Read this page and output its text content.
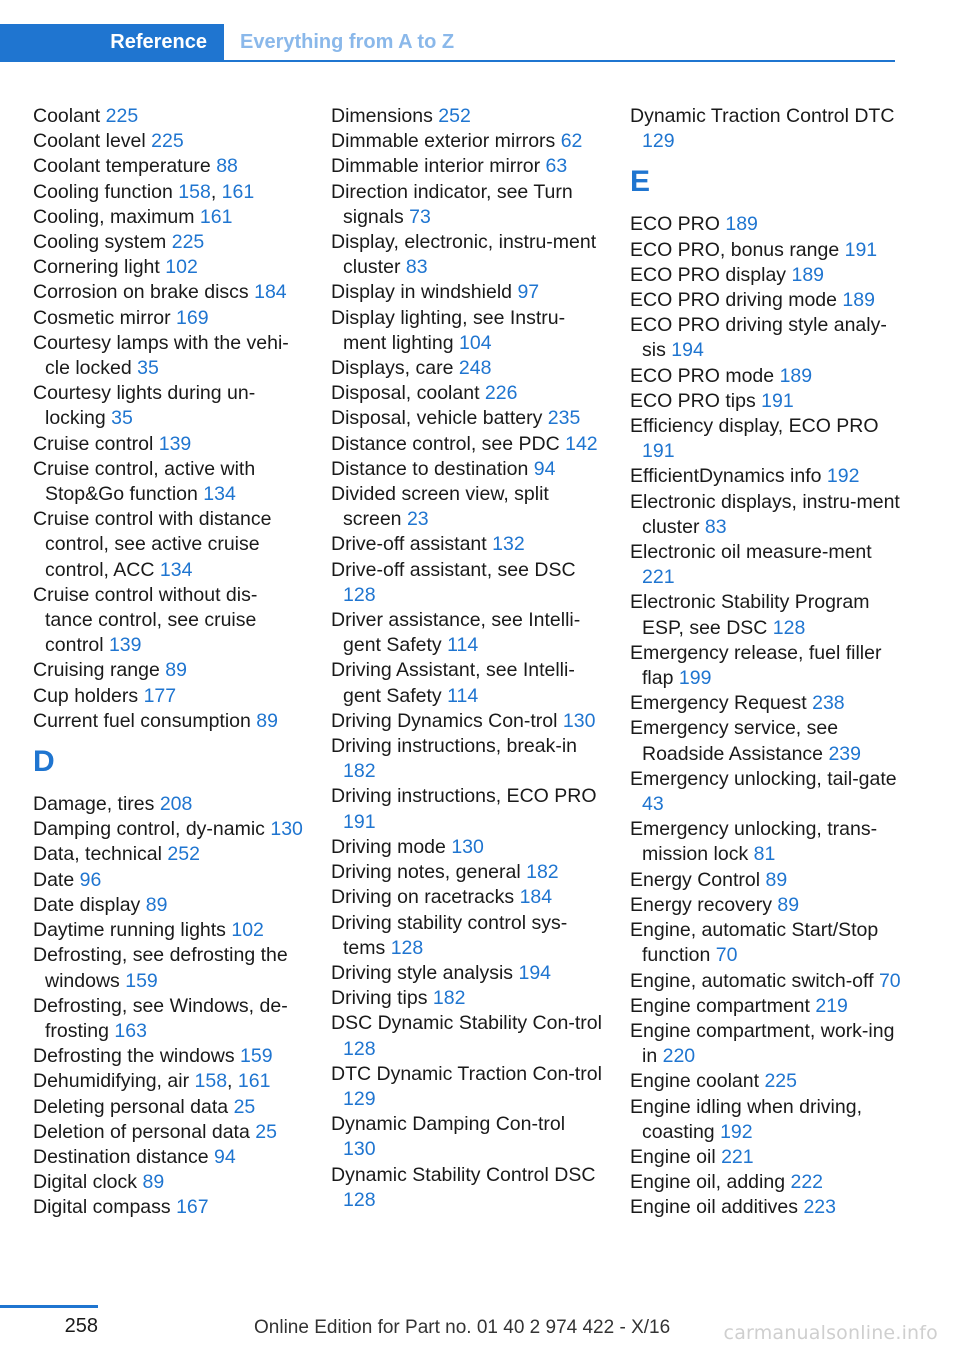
Reference	Everything from A to Z
Coolant 225
Coolant level 225
Coolant temperature 88
Cooling function 158, 161
Cooling, maximum 161
Cooling system 225
Cornering light 102
Corrosion on brake discs 184
Cosmetic mirror 169
Courtesy lamps with the vehi‐cle locked 35
Courtesy lights during un‐locking 35
Cruise control 139
Cruise control, active with Stop&Go function 134
Cruise control with distance control, see active cruise control, ACC 134
Cruise control without dis‐tance control, see cruise control 139
Cruising range 89
Cup holders 177
Current fuel consumption 89
D
Damage, tires 208
Damping control, dy‐namic 130
Data, technical 252
Date 96
Date display 89
Daytime running lights 102
Defrosting, see defrosting the windows 159
Defrosting, see Windows, de‐frosting 163
Defrosting the windows 159
Dehumidifying, air 158, 161
Deleting personal data 25
Deletion of personal data 25
Destination distance 94
Digital clock 89
Digital compass 167
Dimensions 252
Dimmable exterior mirrors 62
Dimmable interior mirror 63
Direction indicator, see Turn signals 73
Display, electronic, instru‐ment cluster 83
Display in windshield 97
Display lighting, see Instru‐ment lighting 104
Displays, care 248
Disposal, coolant 226
Disposal, vehicle battery 235
Distance control, see PDC 142
Distance to destination 94
Divided screen view, split screen 23
Drive-off assistant 132
Drive-off assistant, see DSC 128
Driver assistance, see Intelli‐gent Safety 114
Driving Assistant, see Intelli‐gent Safety 114
Driving Dynamics Con‐trol 130
Driving instructions, break-in 182
Driving instructions, ECO PRO 191
Driving mode 130
Driving notes, general 182
Driving on racetracks 184
Driving stability control sys‐tems 128
Driving style analysis 194
Driving tips 182
DSC Dynamic Stability Con‐trol 128
DTC Dynamic Traction Con‐trol 129
Dynamic Damping Con‐trol 130
Dynamic Stability Control DSC 128
Dynamic Traction Control DTC 129
E
ECO PRO 189
ECO PRO, bonus range 191
ECO PRO display 189
ECO PRO driving mode 189
ECO PRO driving style analy‐sis 194
ECO PRO mode 189
ECO PRO tips 191
Efficiency display, ECO PRO 191
EfficientDynamics info 192
Electronic displays, instru‐ment cluster 83
Electronic oil measure‐ment 221
Electronic Stability Program ESP, see DSC 128
Emergency release, fuel filler flap 199
Emergency Request 238
Emergency service, see Roadside Assistance 239
Emergency unlocking, tail‐gate 43
Emergency unlocking, trans‐mission lock 81
Energy Control 89
Energy recovery 89
Engine, automatic Start/Stop function 70
Engine, automatic switch-off 70
Engine compartment 219
Engine compartment, work‐ing in 220
Engine coolant 225
Engine idling when driving, coasting 192
Engine oil 221
Engine oil, adding 222
Engine oil additives 223
258	Online Edition for Part no. 01 40 2 974 422 - X/16	carmanualsonline.info
